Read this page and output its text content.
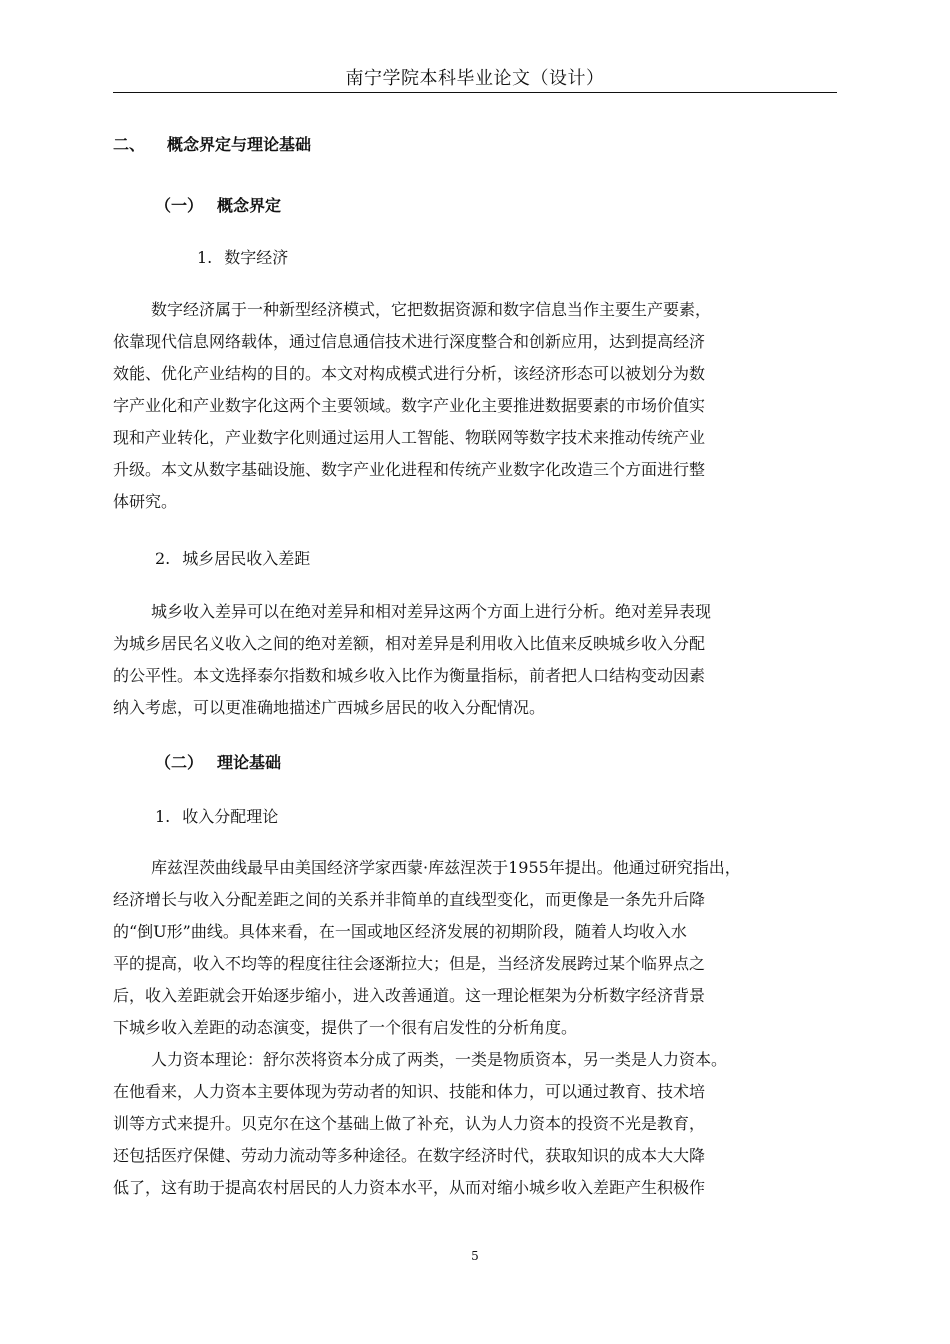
南宁学院本科毕业论文（设计）
二、 概念界定与理论基础
（一） 概念界定
1. 数字经济
数字经济属于一种新型经济模式，它把数据资源和数字信息当作主要生产要素，
依靠现代信息网络载体，通过信息通信技术进行深度整合和创新应用，达到提高经济
效能、优化产业结构的目的。本文对构成模式进行分析，该经济形态可以被划分为数
字产业化和产业数字化这两个主要领域。数字产业化主要推进数据要素的市场价值实
现和产业转化，产业数字化则通过运用人工智能、物联网等数字技术来推动传统产业
升级。本文从数字基础设施、数字产业化进程和传统产业数字化改造三个方面进行整
体研究。
2. 城乡居民收入差距
城乡收入差异可以在绝对差异和相对差异这两个方面上进行分析。绝对差异表现
为城乡居民名义收入之间的绝对差额，相对差异是利用收入比值来反映城乡收入分配
的公平性。本文选择泰尔指数和城乡收入比作为衡量指标，前者把人口结构变动因素
纳入考虑，可以更准确地描述广西城乡居民的收入分配情况。
（二） 理论基础
1. 收入分配理论
库兹涅茨曲线最早由美国经济学家西蒙·库兹涅茨于1955年提出。他通过研究指出，
经济增长与收入分配差距之间的关系并非简单的直线型变化，而更像是一条先升后降
的“倒U形”曲线。具体来看，在一国或地区经济发展的初期阶段，随着人均收入水
平的提高，收入不均等的程度往往会逐渐拉大；但是，当经济发展跨过某个临界点之
后，收入差距就会开始逐步缩小，进入改善通道。这一理论框架为分析数字经济背景
下城乡收入差距的动态演变，提供了一个很有启发性的分析角度。
人力资本理论：舒尔茨将资本分成了两类，一类是物质资本，另一类是人力资本。
在他看来，人力资本主要体现为劳动者的知识、技能和体力，可以通过教育、技术培
训等方式来提升。贝克尔在这个基础上做了补充，认为人力资本的投资不光是教育，
还包括医疗保健、劳动力流动等多种途径。在数字经济时代，获取知识的成本大大降
低了，这有助于提高农村居民的人力资本水平，从而对缩小城乡收入差距产生积极作
5
